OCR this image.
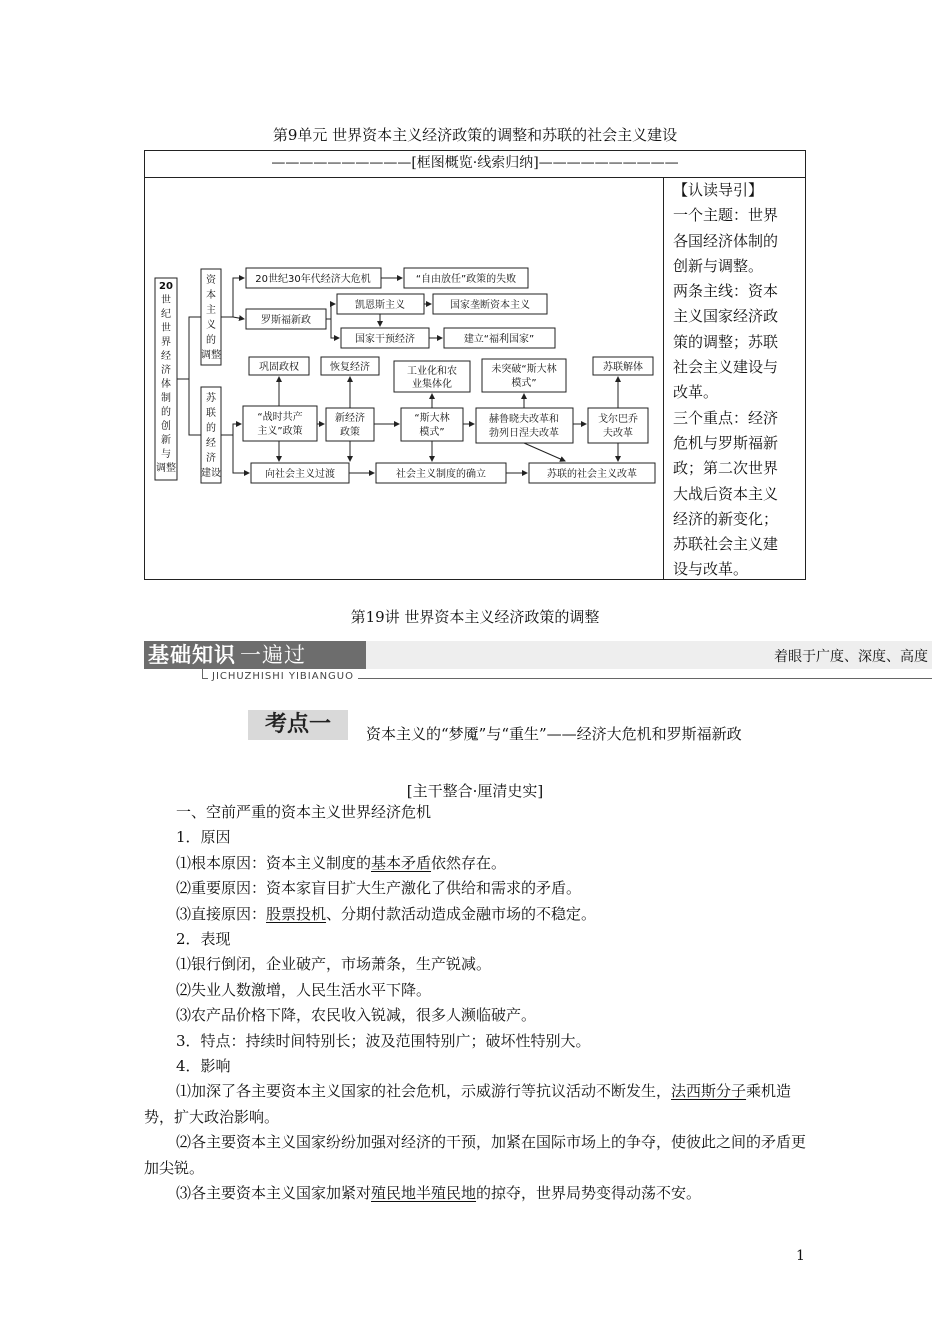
第9单元 世界资本主义经济政策的调整和苏联的社会主义建设
——————————[框图概览·线索归纳]——————————
20
世
纪
世
界
经
济
体
制
的
创
新
与
调整
资
本
主
义
的
调整
苏
联
的
经
济
建设
20世纪30年代经济大危机	“自由放任”政策的失败
罗斯福新政
凯恩斯主义	国家垄断资本主义
国家干预经济	建立“福利国家”
巩固政权	恢复经济	工业化和农
业集体化
未突破“斯大林
模式”
苏联解体
“战时共产
主义”政策
新经济
政策
“斯大林
模式”
赫鲁晓夫改革和
勃列日涅夫改革
戈尔巴乔
夫改革
向社会主义过渡	社会主义制度的确立	苏联的社会主义改革

【认读导引】

一个主题：世界

各国经济体制的

创新与调整。

两条主线：资本

主义国家经济政

策的调整；苏联

社会主义建设与

改革。

三个重点：经济

危机与罗斯福新

政；第二次世界

大战后资本主义

经济的新变化；

苏联社会主义建

设与改革。

第19讲 世界资本主义经济政策的调整
基础知识 一遍过	着眼于广度、深度、高度
JICHUZHISHI YIBIANGUO
考点一	资本主义的“梦魇”与“重生”——经济大危机和罗斯福新政
[主干整合·厘清史实]

一、空前严重的资本主义世界经济危机

1．原因

⑴根本原因：资本主义制度的基本矛盾依然存在。

⑵重要原因：资本家盲目扩大生产激化了供给和需求的矛盾。

⑶直接原因：股票投机、分期付款活动造成金融市场的不稳定。

2．表现

⑴银行倒闭，企业破产，市场萧条，生产锐减。

⑵失业人数激增，人民生活水平下降。

⑶农产品价格下降，农民收入锐减，很多人濒临破产。

3．特点：持续时间特别长；波及范围特别广；破坏性特别大。

4．影响

⑴加深了各主要资本主义国家的社会危机，示威游行等抗议活动不断发生，法西斯分子乘机造势，扩大政治影响。

⑵各主要资本主义国家纷纷加强对经济的干预，加紧在国际市场上的争夺，使彼此之间的矛盾更加尖锐。

⑶各主要资本主义国家加紧对殖民地半殖民地的掠夺，世界局势变得动荡不安。

1
